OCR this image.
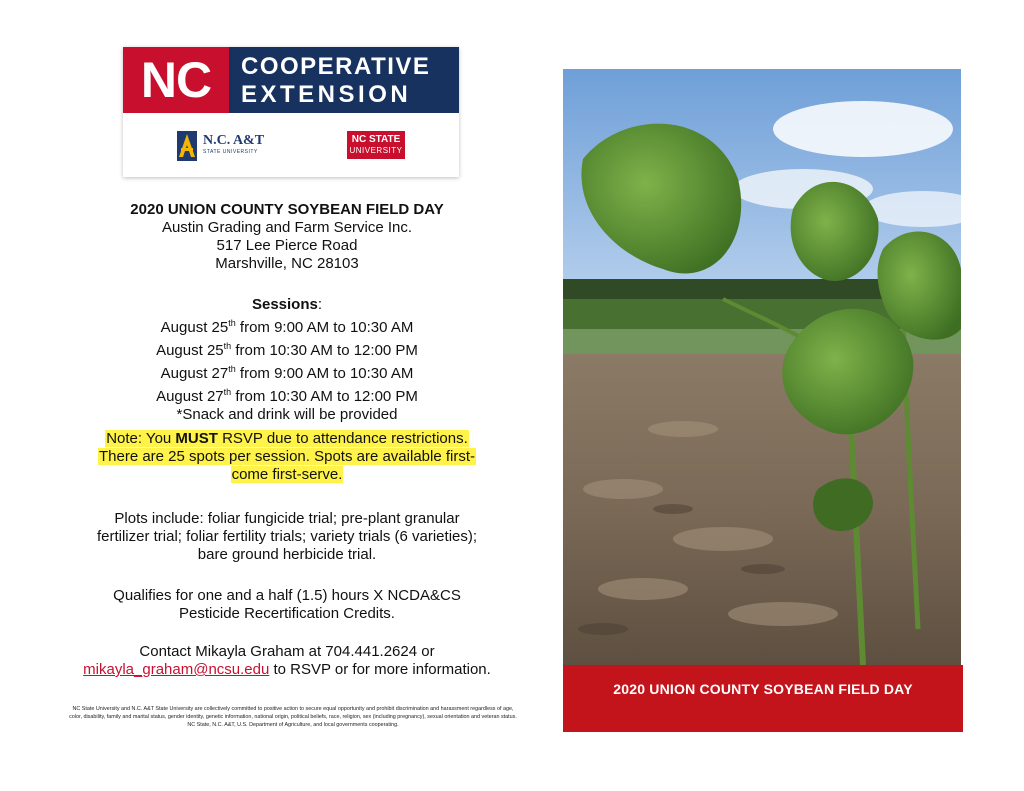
NC	COOPERATIVE
EXTENSION
N.C. A&T
STATE UNIVERSITY
NC STATE
UNIVERSITY
2020 UNION COUNTY SOYBEAN FIELD DAY
Austin Grading and Farm Service Inc.
517 Lee Pierce Road
Marshville, NC 28103
Sessions:
August 25th from 9:00 AM to 10:30 AM
August 25th from 10:30 AM to 12:00 PM
August 27th from 9:00 AM to 10:30 AM
August 27th from 10:30 AM to 12:00 PM
*Snack and drink will be provided
Note: You MUST RSVP due to attendance restrictions.
There are 25 spots per session. Spots are available first-
come first-serve.
Plots include: foliar fungicide trial; pre-plant granular
fertilizer trial; foliar fertility trials; variety trials (6 varieties);
bare ground herbicide trial.
Qualifies for one and a half (1.5) hours X NCDA&CS
Pesticide Recertification Credits.
Contact Mikayla Graham at 704.441.2624 or
mikayla_graham@ncsu.edu to RSVP or for more information.
NC State University and N.C. A&T State University are collectively committed to positive action to secure equal opportunity and prohibit discrimination and harassment regardless of age, color, disability, family and marital status, gender identity, genetic information, national origin, political beliefs, race, religion, sex (including pregnancy), sexual orientation and veteran status. NC State, N.C. A&T, U.S. Department of Agriculture, and local governments cooperating.
2020 UNION COUNTY SOYBEAN FIELD DAY
